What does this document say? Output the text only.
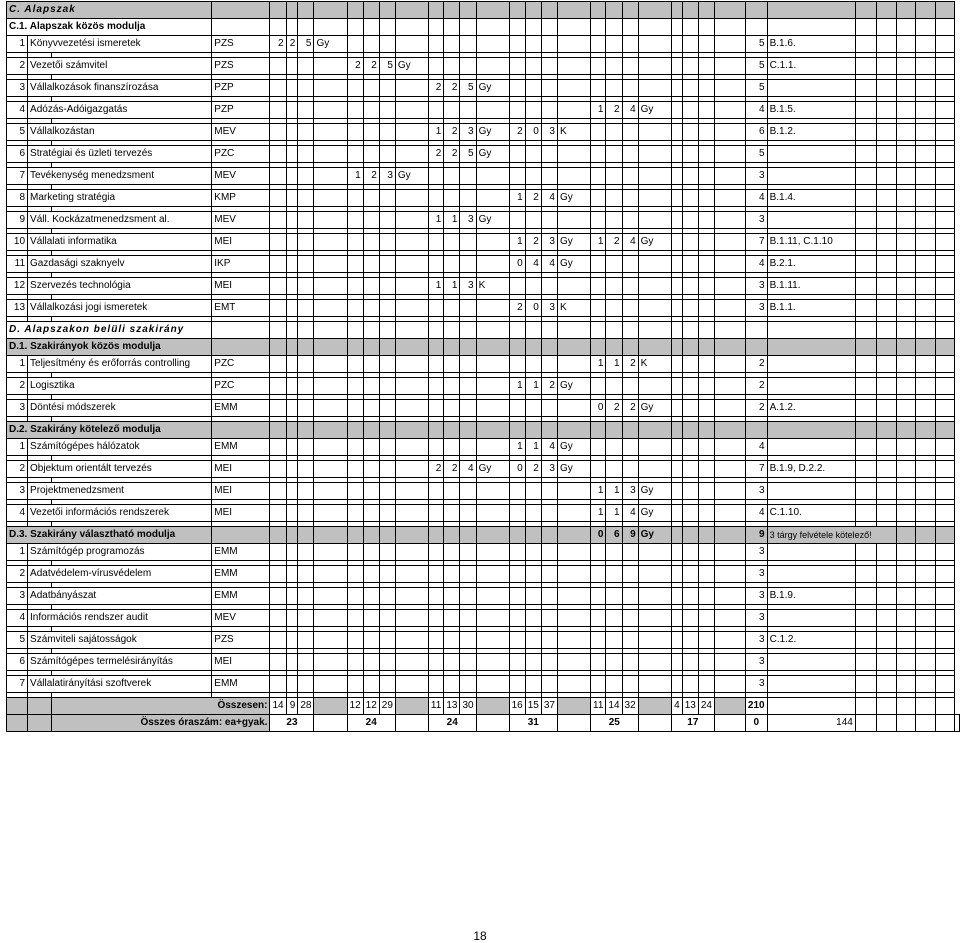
C. Alapszak																																			
C.1. Alapszak közös modulja																																			
1	Könyvvezetési ismeretek		PZS	2	2	5	Gy																					5	B.1.6.						

2	Vezetői számvitel		PZS					2	2	5	Gy																	5	C.1.1.						

3	Vállalkozások finanszírozása		PZP									2	2	5	Gy													5							

4	Adózás-Adóigazgatás		PZP																	1	2	4	Gy					4	B.1.5.						

5	Vállalkozástan		MEV									1	2	3	Gy	2	0	3	K									6	B.1.2.						

6	Stratégiai és üzleti tervezés		PZC									2	2	5	Gy													5							

7	Tevékenység menedzsment		MEV					1	2	3	Gy																	3							

8	Marketing stratégia		KMP													1	2	4	Gy									4	B.1.4.						

9	Váll. Kockázatmenedzsment al.		MEV									1	1	3	Gy													3							

10	Vállalati informatika		MEI													1	2	3	Gy	1	2	4	Gy					7	B.1.11, C.1.10						

11	Gazdasági szaknyelv		IKP													0	4	4	Gy									4	B.2.1.						

12	Szervezés technológia		MEI									1	1	3	K													3	B.1.11.						

13	Vállalkozási jogi ismeretek		EMT													2	0	3	K									3	B.1.1.						

D. Alapszakon belüli szakirány																																			
D.1. Szakirányok közös modulja																																			
1	Teljesítmény és erőforrás controlling		PZC																	1	1	2	K					2							

2	Logisztika		PZC													1	1	2	Gy									2							

3	Döntési módszerek		EMM																	0	2	2	Gy					2	A.1.2.						

D.2. Szakirány kötelező modulja																																			
1	Számítógépes hálózatok		EMM													1	1	4	Gy									4							

2	Objektum orientált tervezés		MEI									2	2	4	Gy	0	2	3	Gy									7	B.1.9, D.2.2.						

3	Projektmenedzsment		MEI																	1	1	3	Gy					3							

4	Vezetői információs rendszerek		MEI																	1	1	4	Gy					4	C.1.10.						

D.3. Szakirány választható modulja																				0	6	9	Gy					9	3 tárgy felvétele kötelező!						
1	Számítógép programozás		EMM																									3							

2	Adatvédelem-vírusvédelem		EMM																									3							

3	Adatbányászat		EMM																									3	B.1.9.						

4	Információs rendszer audit		MEV																									3							

5	Számviteli sajátosságok		PZS																									3	C.1.2.						

6	Számítógépes termelésirányítás		MEI																									3							

7	Vállalatirányítási szoftverek		EMM																									3							

		Összesen:		14	9	28		12	12	29		11	13	30		16	15	37		11	14	32		4	13	24		210							
		Összes óraszám: ea+gyak.		23				24				24				31				25				17				0	144						
18
